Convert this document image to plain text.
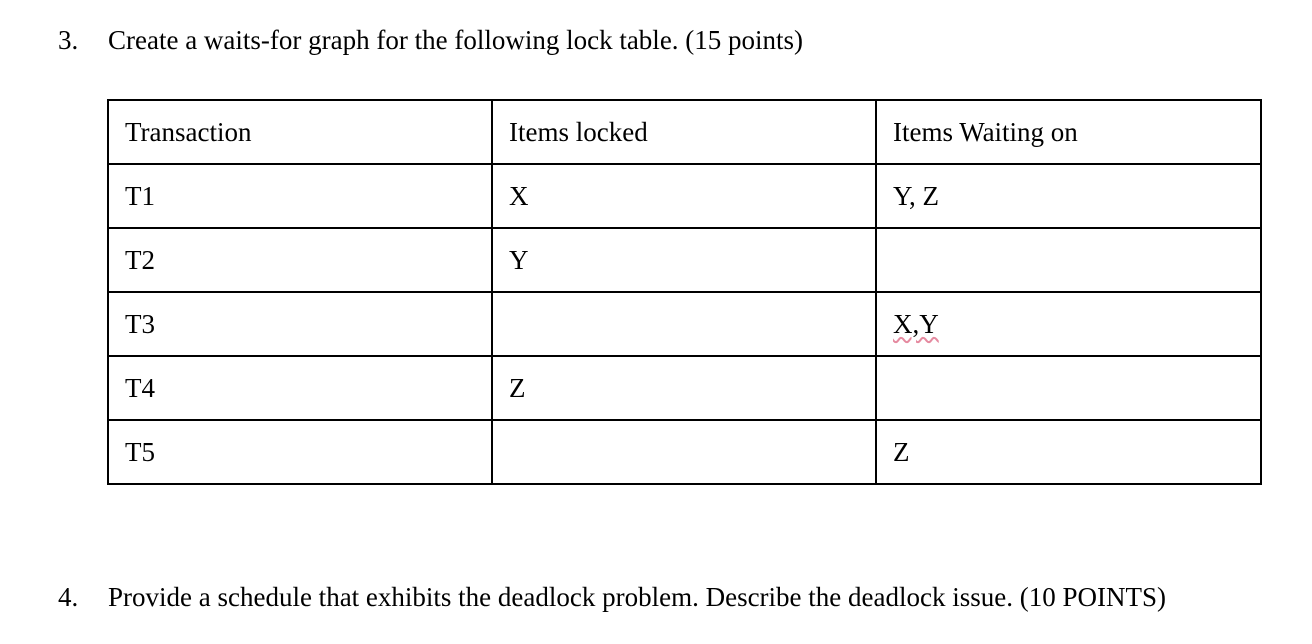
3. Create a waits-for graph for the following lock table. (15 points)
Transaction	Items locked	Items Waiting on
T1	X	Y, Z
T2	Y	
T3		X,Y
T4	Z	
T5		Z
4. Provide a schedule that exhibits the deadlock problem. Describe the deadlock issue. (10 POINTS)
